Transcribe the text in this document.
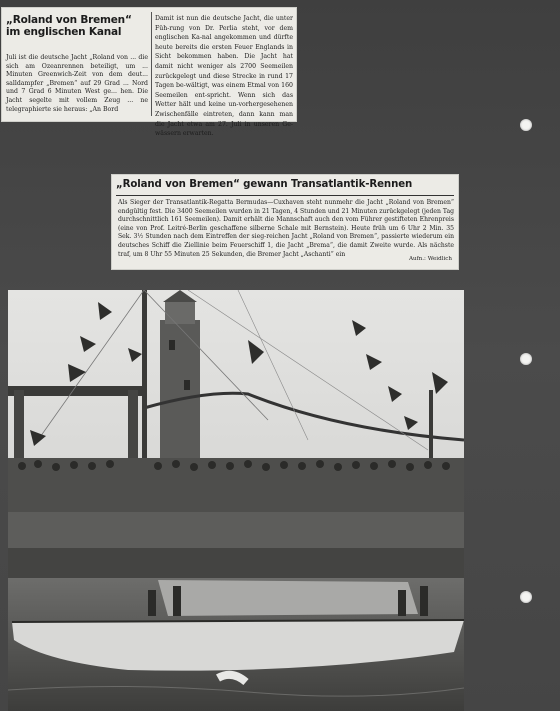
„Roland von Bremen“ im englischen Kanal
Juli ist die deutsche Jacht „Roland von ... die sich am Ozeanrennen beteiligt, um ... Minuten Greenwich-Zeit von dem deut... salldampfer „Bremen“ auf 29 Grad ... Nord und 7 Grad 6 Minuten West ge... hen. Die Jacht segelte mit vollem Zeug ... ne telegraphierte sie heraus: „An Bord
Damit ist nun die deutsche Jacht, die unter Füh-rung von Dr. Perlia steht, vor dem englischen Ka-nal angekommen und dürfte heute bereits die ersten Feuer Englands in Sicht bekommen haben. Die Jacht hat damit nicht weniger als 2700 Seemeilen zurückgelegt und diese Strecke in rund 17 Tagen be-wältigt, was einem Etmal von 160 Seemeilen ent-spricht. Wenn sich das Wetter hält und keine un-vorhergesehenen Zwischenfälle eintreten, dann kann man die Jacht etwa am 27. Juli in unseren Ge-wässern erwarten.
„Roland von Bremen“ gewann Transatlantik-Rennen
Als Sieger der Transatlantik-Regatta Bermudas—Cuxhaven steht nunmehr die Jacht „Roland von Bremen“ endgültig fest. Die 3400 Seemeilen wurden in 21 Tagen, 4 Stunden und 21 Minuten zurückgelegt (jeden Tag durchschnittlich 161 Seemeilen). Damit erhält die Mannschaft auch den vom Führer gestifteten Ehrenpreis (eine von Prof. Leitré-Berlin geschaffene silberne Schale mit Bernstein). Heute früh um 6 Uhr 2 Min. 35 Sek. 3½ Stunden nach dem Eintreffen der sieg-reichen Jacht „Roland von Bremen“, passierte wiederum ein deutsches Schiff die Ziellinie beim Feuerschiff 1, die Jacht „Brema“, die damit Zweite wurde. Als nächste traf, um 8 Uhr 55 Minuten 25 Sekunden, die Bremer Jacht „Aschanti“ ein
Aufn.: Weidlich
